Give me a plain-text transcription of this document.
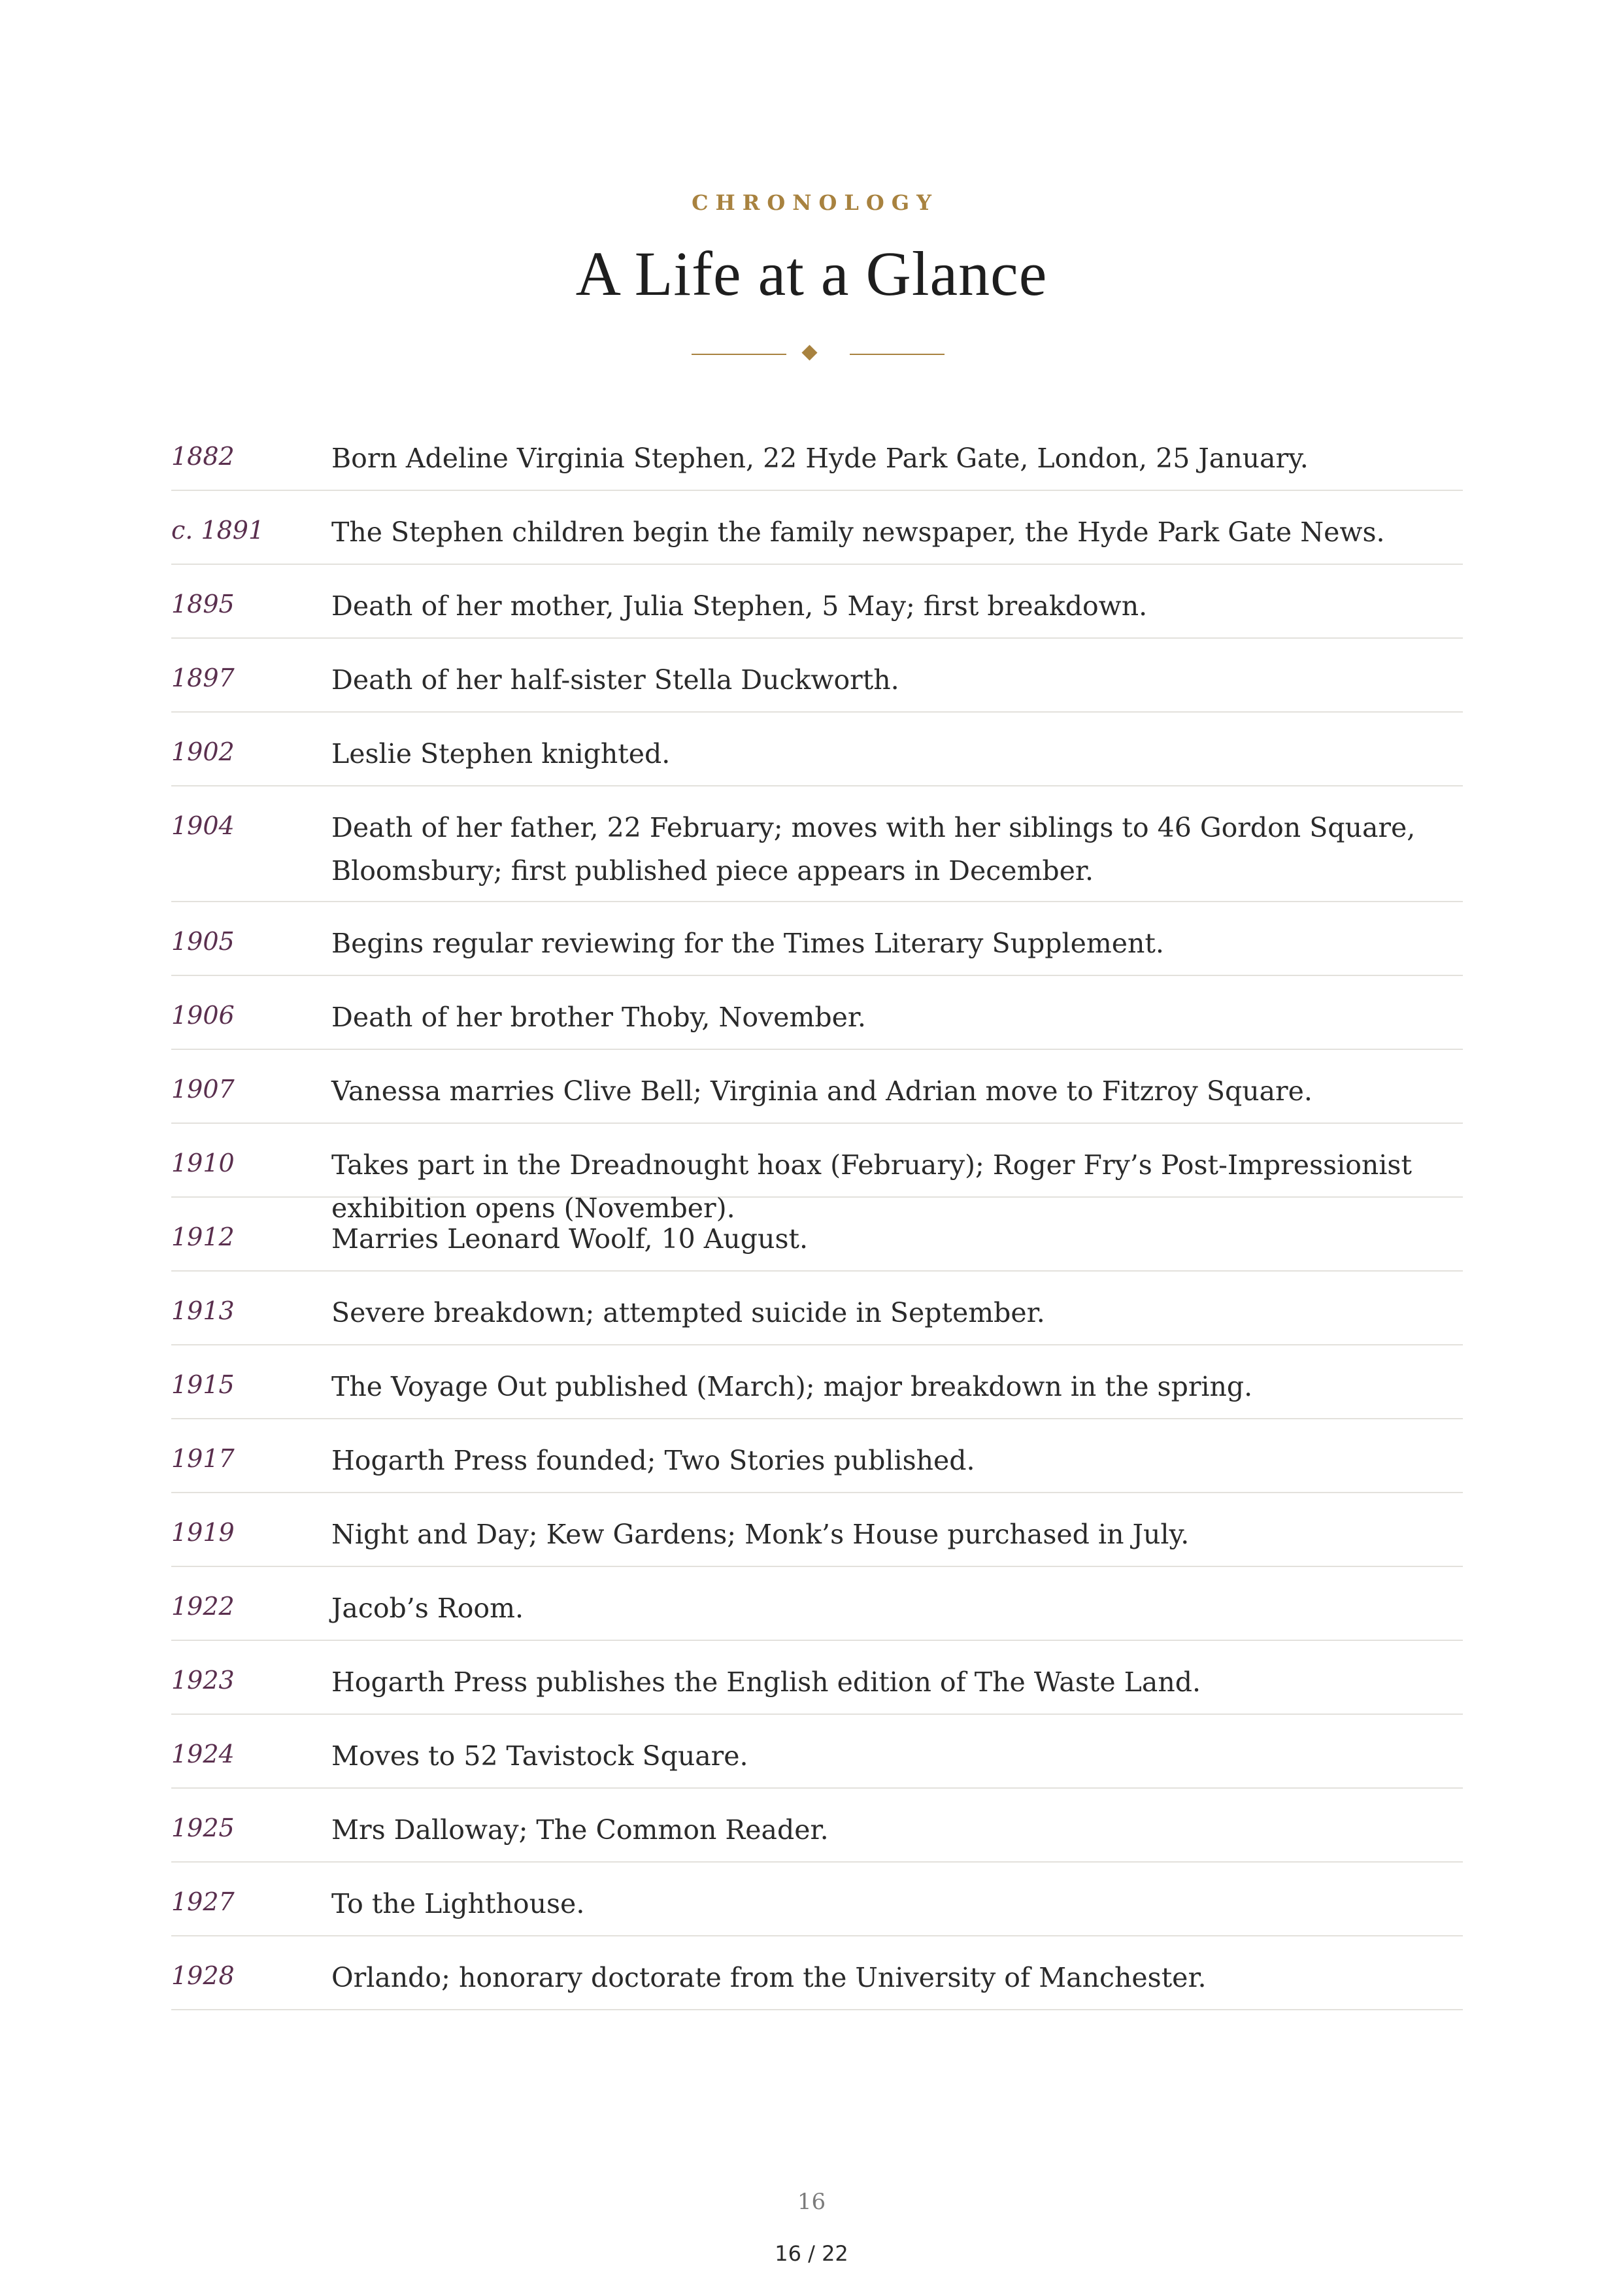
CHRONOLOGY
A Life at a Glance
1882	Born Adeline Virginia Stephen, 22 Hyde Park Gate, London, 25 January.
c. 1891	The Stephen children begin the family newspaper, the Hyde Park Gate News.
1895	Death of her mother, Julia Stephen, 5 May; first breakdown.
1897	Death of her half-sister Stella Duckworth.
1902	Leslie Stephen knighted.
1904	Death of her father, 22 February; moves with her siblings to 46 Gordon Square, Bloomsbury; first published piece appears in December.
1905	Begins regular reviewing for the Times Literary Supplement.
1906	Death of her brother Thoby, November.
1907	Vanessa marries Clive Bell; Virginia and Adrian move to Fitzroy Square.
1910	Takes part in the Dreadnought hoax (February); Roger Fry’s Post-Impressionist exhibition opens (November).
1912	Marries Leonard Woolf, 10 August.
1913	Severe breakdown; attempted suicide in September.
1915	The Voyage Out published (March); major breakdown in the spring.
1917	Hogarth Press founded; Two Stories published.
1919	Night and Day; Kew Gardens; Monk’s House purchased in July.
1922	Jacob’s Room.
1923	Hogarth Press publishes the English edition of The Waste Land.
1924	Moves to 52 Tavistock Square.
1925	Mrs Dalloway; The Common Reader.
1927	To the Lighthouse.
1928	Orlando; honorary doctorate from the University of Manchester.
16
16 / 22
